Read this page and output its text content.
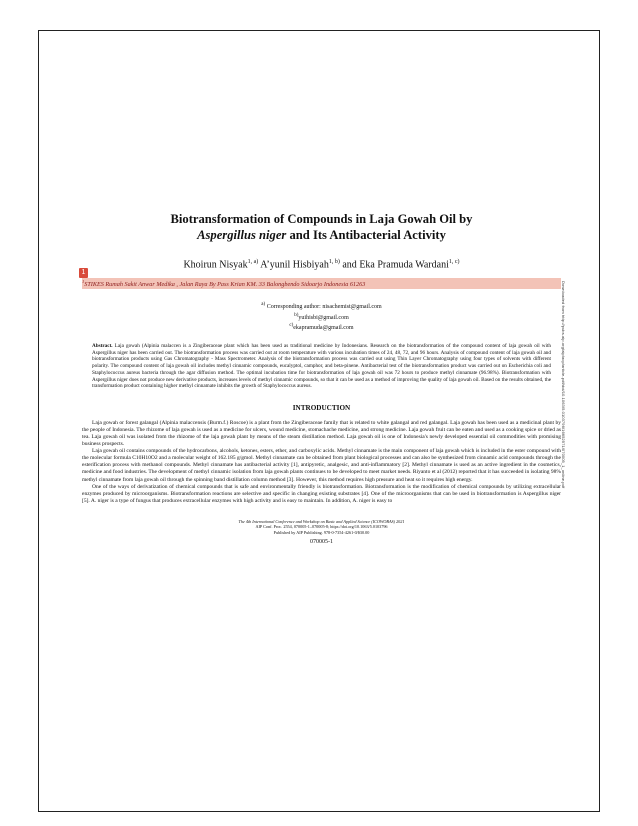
Downloaded from http://pubs.aip.org/aip/acp/article-pdf/doi/10.1063/5.0103796/16652571/070005_1_online.pdf
Biotransformation of Compounds in Laja Gowah Oil by
Aspergillus niger and Its Antibacterial Activity
Khoirun Nisyak$^{1, a)}$ A’yunil Hisbiyah$^{1, b)}$ and Eka Pramuda Wardani$^{1, c)}$
1
$^1$STIKES Rumah Sakit Anwar Medika , Jalan Raya By Pass Krian KM. 33 Balongbendo Sidoarjo Indonesia 61263
$^{a)}$ Corresponding author: nisachemist@gmail.com
$^{b)}$yuihisbi@gmail.com
$^{c)}$ekapramuda@gmail.com

Abstract. Laja gowah (Alpinia malaccen is a Zingiberaceae plant which has been used as traditional medicine by Indonesians. Research on the biotransformation of the compound content of laja gowah oil with Aspergillus niger has been carried out. The biotransformation process was carried out at room temperature with various incubation times of 24, 48, 72, and 96 hours. Analysis of compound content of laja gowah oil and biotransformation products using Gas Chromatography - Mass Spectrometer. Analysis of the biotransformation process was carried out using Thin Layer Chromatography using four types of solvents with different polarity. The compound content of laja gowah oil includes methyl cinnamic compounds, eucalyptol, camphor, and beta-pinene. Antibacterial test of the biotransformation product was carried out on Escherichia coli and Staphylococcus aureus bacteria through the agar diffusion method. The optimal incubation time for biotransformation of laja gowah oil was 72 hours to produce methyl cinnamate (96.98%). Biotransformation with Aspergillus niger does not produce new derivative products, increases levels of methyl cinnamic compounds, so that it can be used as a method of improving the quality of laja gowah oil. Based on the results obtained, the transformation product containing higher methyl cinnamate inhibits the growth of Staphylococcus aureus.

INTRODUCTION

Laja gowah or forest galangal (Alpinia malaccensis (Burm.f.) Roscoe) is a plant from the Zingiberaceae family that is related to white galangal and red galangal. Laja gowah has been used as a medicinal plant by the people of Indonesia. The rhizome of laja gowah is used as a medicine for ulcers, wound medicine, stomachache medicine, and strong medicine. Laja gowah fruit can be eaten and used as a cooking spice or dried as tea. Laja gowah oil was isolated from the rhizome of the laja gowah plant by means of the steam distillation method. Laja gowah oil is one of Indonesia's newly developed essential oil commodities with promising business prospects.

Laja gowah oil contains compounds of the hydrocarbons, alcohols, ketones, esters, ether, and carboxylic acids. Methyl cinnamate is the main component of laja gowah which is included in the ester compound with the molecular formula C10H10O2 and a molecular weight of 162.185 g/gmol. Methyl cinnamate can be obtained from plant biological processes and can also be synthesized from cinnamic acid compounds through the esterification process with methanol compounds. Methyl cinnamate has antibacterial activity [1], antipyretic, analgesic, and anti-inflammatory [2]. Methyl cinnamate is used as an active ingredient in the cosmetics, medicine and food industries. The development of methyl cinnamic isolation from laja gowah plants continues to be developed to meet market needs. Riyanto et al (2012) reported that it has succeeded in isolating 98% methyl cinnamate from laja gowah oil through the spinning band distillation column method [3]. However, this method requires high pressure and heat so it requires high energy.

One of the ways of derivatization of chemical compounds that is safe and environmentally friendly is biotransformation. Biotransformation is the modification of chemical compounds by utilizing extracellular enzymes produced by microorganisms. Biotransformation reactions are selective and specific in changing existing substrates [4]. One of the microorganisms that can be used in biotransformation is Aspergillus niger [5]. A. niger is a type of fungus that produces extracellular enzymes with high activity and is easy to maintain. In addition, A. niger is easy to

The 4th International Conference and Workshop on Basic and Applied Science (ICOWOBAS) 2021
AIP Conf. Proc. 2554, 070005-1–070005-8; https://doi.org/10.1063/5.0103796
Published by AIP Publishing. 978-0-7354-4261-0/$30.00
070005-1
